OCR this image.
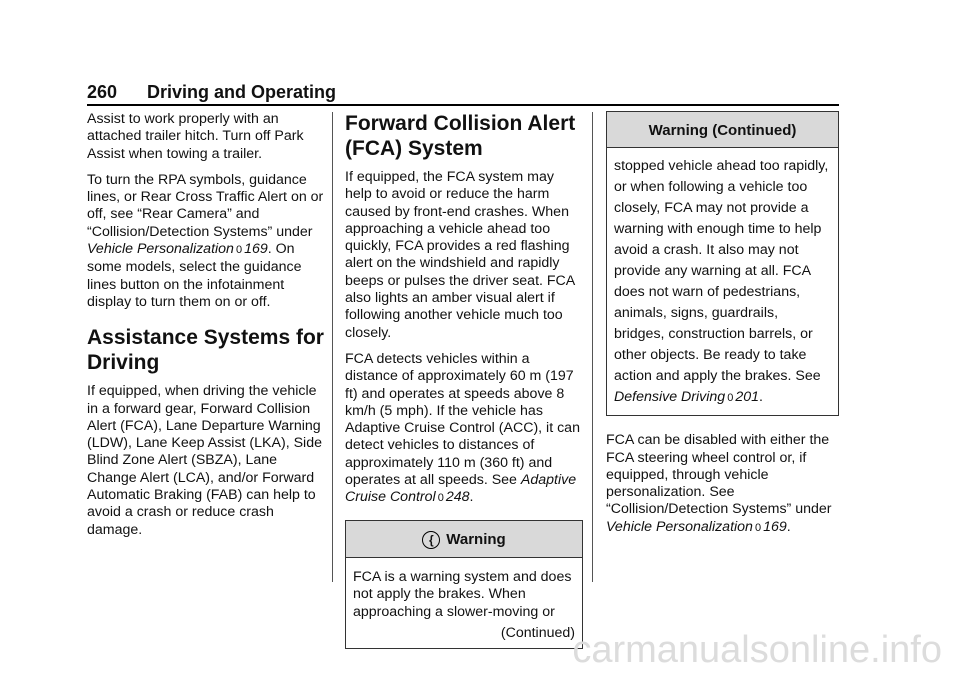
260 Driving and Operating

Assist to work properly with an attached trailer hitch. Turn off Park Assist when towing a trailer.

To turn the RPA symbols, guidance lines, or Rear Cross Traffic Alert on or off, see “Rear Camera” and “Collision/Detection Systems” under Vehicle Personalization 0 169. On some models, select the guidance lines button on the infotainment display to turn them on or off.

Assistance Systems for Driving

If equipped, when driving the vehicle in a forward gear, Forward Collision Alert (FCA), Lane Departure Warning (LDW), Lane Keep Assist (LKA), Side Blind Zone Alert (SBZA), Lane Change Alert (LCA), and/or Forward Automatic Braking (FAB) can help to avoid a crash or reduce crash damage.

Forward Collision Alert (FCA) System

If equipped, the FCA system may help to avoid or reduce the harm caused by front-end crashes. When approaching a vehicle ahead too quickly, FCA provides a red flashing alert on the windshield and rapidly beeps or pulses the driver seat. FCA also lights an amber visual alert if following another vehicle much too closely.

FCA detects vehicles within a distance of approximately 60 m (197 ft) and operates at speeds above 8 km/h (5 mph). If the vehicle has Adaptive Cruise Control (ACC), it can detect vehicles to distances of approximately 110 m (360 ft) and operates at all speeds. See Adaptive Cruise Control 0 248.

{ Warning

FCA is a warning system and does not apply the brakes. When approaching a slower-moving or

(Continued)

Warning (Continued)

stopped vehicle ahead too rapidly, or when following a vehicle too closely, FCA may not provide a warning with enough time to help avoid a crash. It also may not provide any warning at all. FCA does not warn of pedestrians, animals, signs, guardrails, bridges, construction barrels, or other objects. Be ready to take action and apply the brakes. See Defensive Driving 0 201.

FCA can be disabled with either the FCA steering wheel control or, if equipped, through vehicle personalization. See “Collision/Detection Systems” under Vehicle Personalization 0 169.

carmanualsonline.info
